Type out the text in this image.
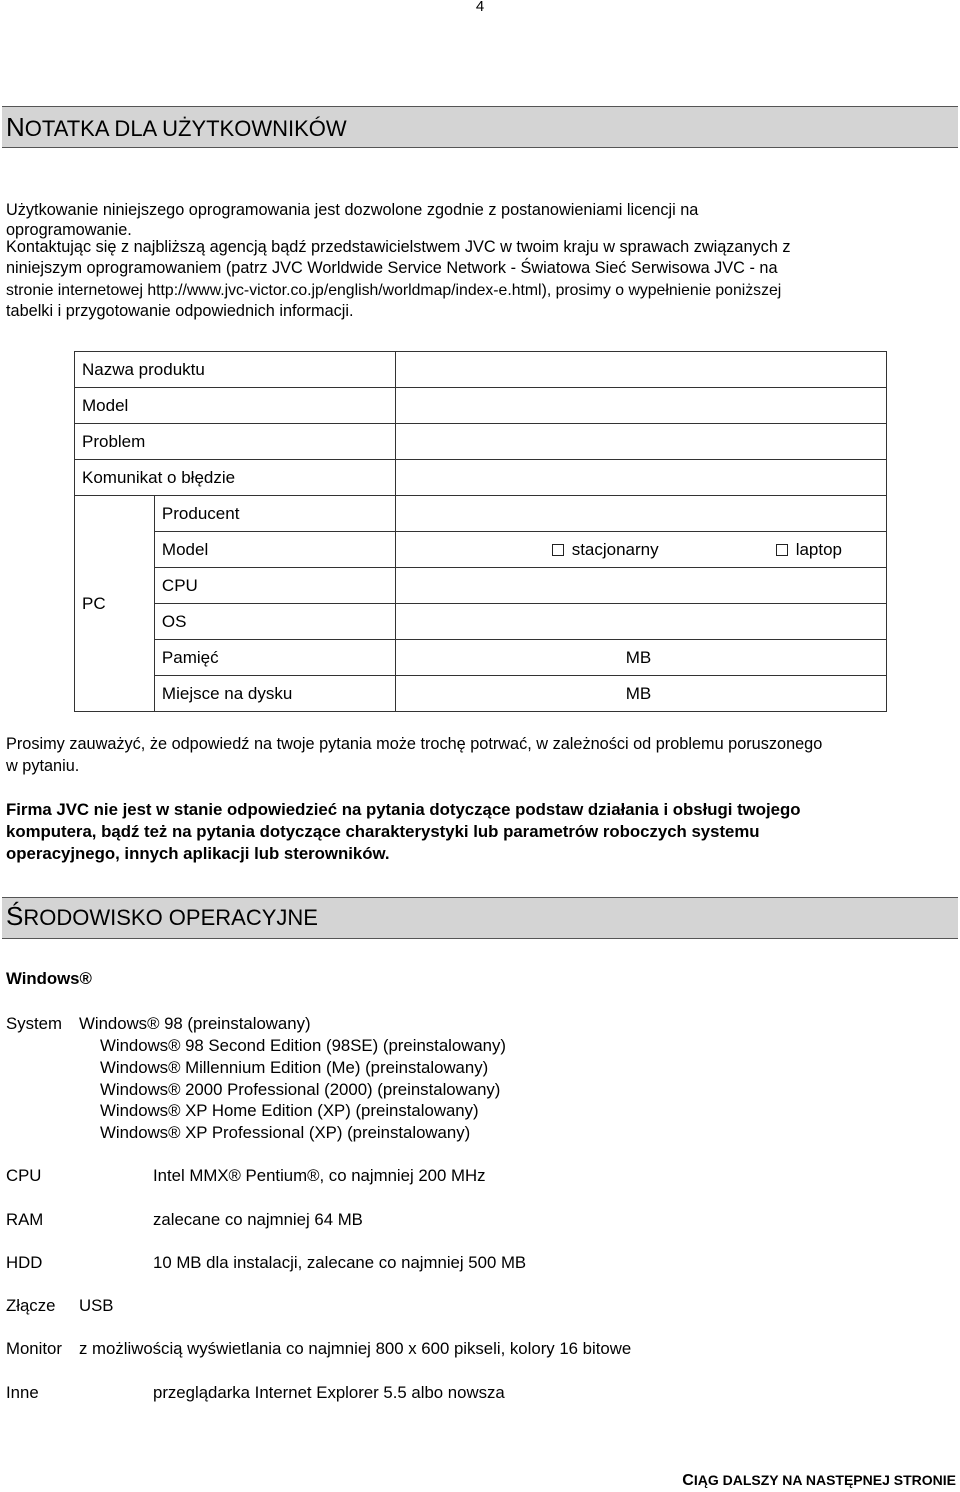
4
NOTATKA DLA UŻYTKOWNIKÓW
Użytkowanie niniejszego oprogramowania jest dozwolone zgodnie z postanowieniami licencji na
oprogramowanie.
Kontaktując się z najbliższą agencją bądź przedstawicielstwem JVC w twoim kraju w sprawach związanych z
niniejszym oprogramowaniem (patrz JVC Worldwide Service Network - Światowa Sieć Serwisowa JVC - na
stronie internetowej http://www.jvc-victor.co.jp/english/worldmap/index-e.html), prosimy o wypełnienie poniższej
tabelki i przygotowanie odpowiednich informacji.
Nazwa produktu		
Model		
Problem		
Komunikat o błędzie		
PC	Producent	
	Model	stacjonarny laptop

	CPU	
	OS	
	Pamięć	MB

	Miejsce na dysku	MB
Prosimy zauważyć, że odpowiedź na twoje pytania może trochę potrwać, w zależności od problemu poruszonego
w pytaniu.
Firma JVC nie jest w stanie odpowiedzieć na pytania dotyczące podstaw działania i obsługi twojego
komputera, bądź też na pytania dotyczące charakterystyki lub parametrów roboczych systemu
operacyjnego, innych aplikacji lub sterowników.
ŚRODOWISKO OPERACYJNE
Windows®
System Windows® 98 (preinstalowany)
Windows® 98 Second Edition (98SE) (preinstalowany)
Windows® Millennium Edition (Me) (preinstalowany)
Windows® 2000 Professional (2000) (preinstalowany)
Windows® XP Home Edition (XP) (preinstalowany)
Windows® XP Professional (XP) (preinstalowany)
CPU	Intel MMX® Pentium®, co najmniej 200 MHz
RAM	zalecane co najmniej 64 MB
HDD	10 MB dla instalacji, zalecane co najmniej 500 MB
Złącze USB
Monitor z możliwością wyświetlania co najmniej 800 x 600 pikseli, kolory 16 bitowe
Inne	przeglądarka Internet Explorer 5.5 albo nowsza
CIĄG DALSZY NA NASTĘPNEJ STRONIE
